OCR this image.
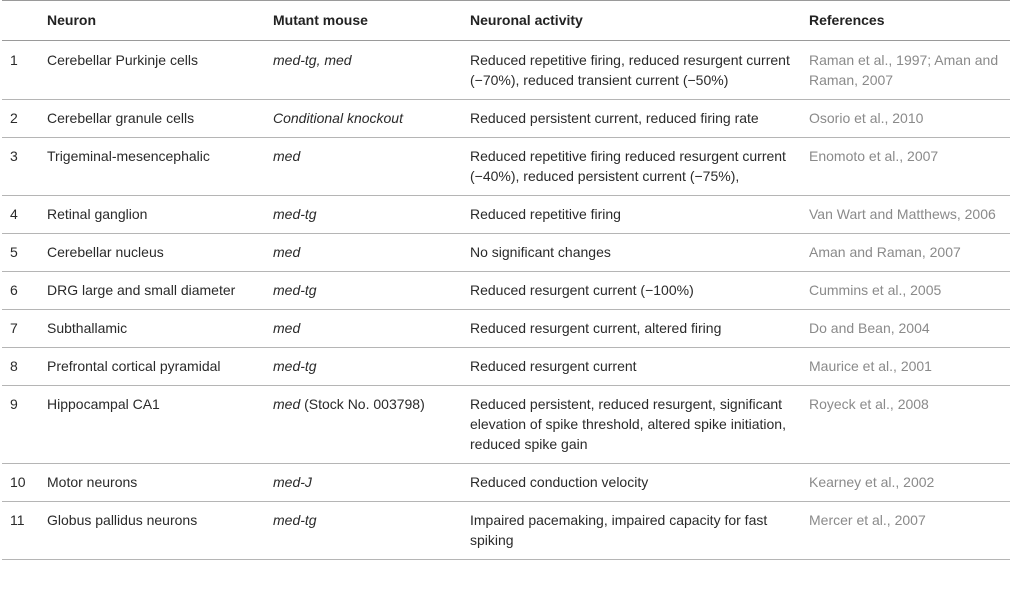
	Neuron	Mutant mouse	Neuronal activity	References
1	Cerebellar Purkinje cells	med-tg, med	Reduced repetitive firing, reduced resurgent current (−70%), reduced transient current (−50%)	Raman et al., 1997; Aman and Raman, 2007
2	Cerebellar granule cells	Conditional knockout	Reduced persistent current, reduced firing rate	Osorio et al., 2010
3	Trigeminal-mesencephalic	med	Reduced repetitive firing reduced resurgent current (−40%), reduced persistent current (−75%),	Enomoto et al., 2007
4	Retinal ganglion	med-tg	Reduced repetitive firing	Van Wart and Matthews, 2006
5	Cerebellar nucleus	med	No significant changes	Aman and Raman, 2007
6	DRG large and small diameter	med-tg	Reduced resurgent current (−100%)	Cummins et al., 2005
7	Subthallamic	med	Reduced resurgent current, altered firing	Do and Bean, 2004
8	Prefrontal cortical pyramidal	med-tg	Reduced resurgent current	Maurice et al., 2001
9	Hippocampal CA1	med (Stock No. 003798)	Reduced persistent, reduced resurgent, significant elevation of spike threshold, altered spike initiation, reduced spike gain	Royeck et al., 2008
10	Motor neurons	med-J	Reduced conduction velocity	Kearney et al., 2002
11	Globus pallidus neurons	med-tg	Impaired pacemaking, impaired capacity for fast spiking	Mercer et al., 2007
